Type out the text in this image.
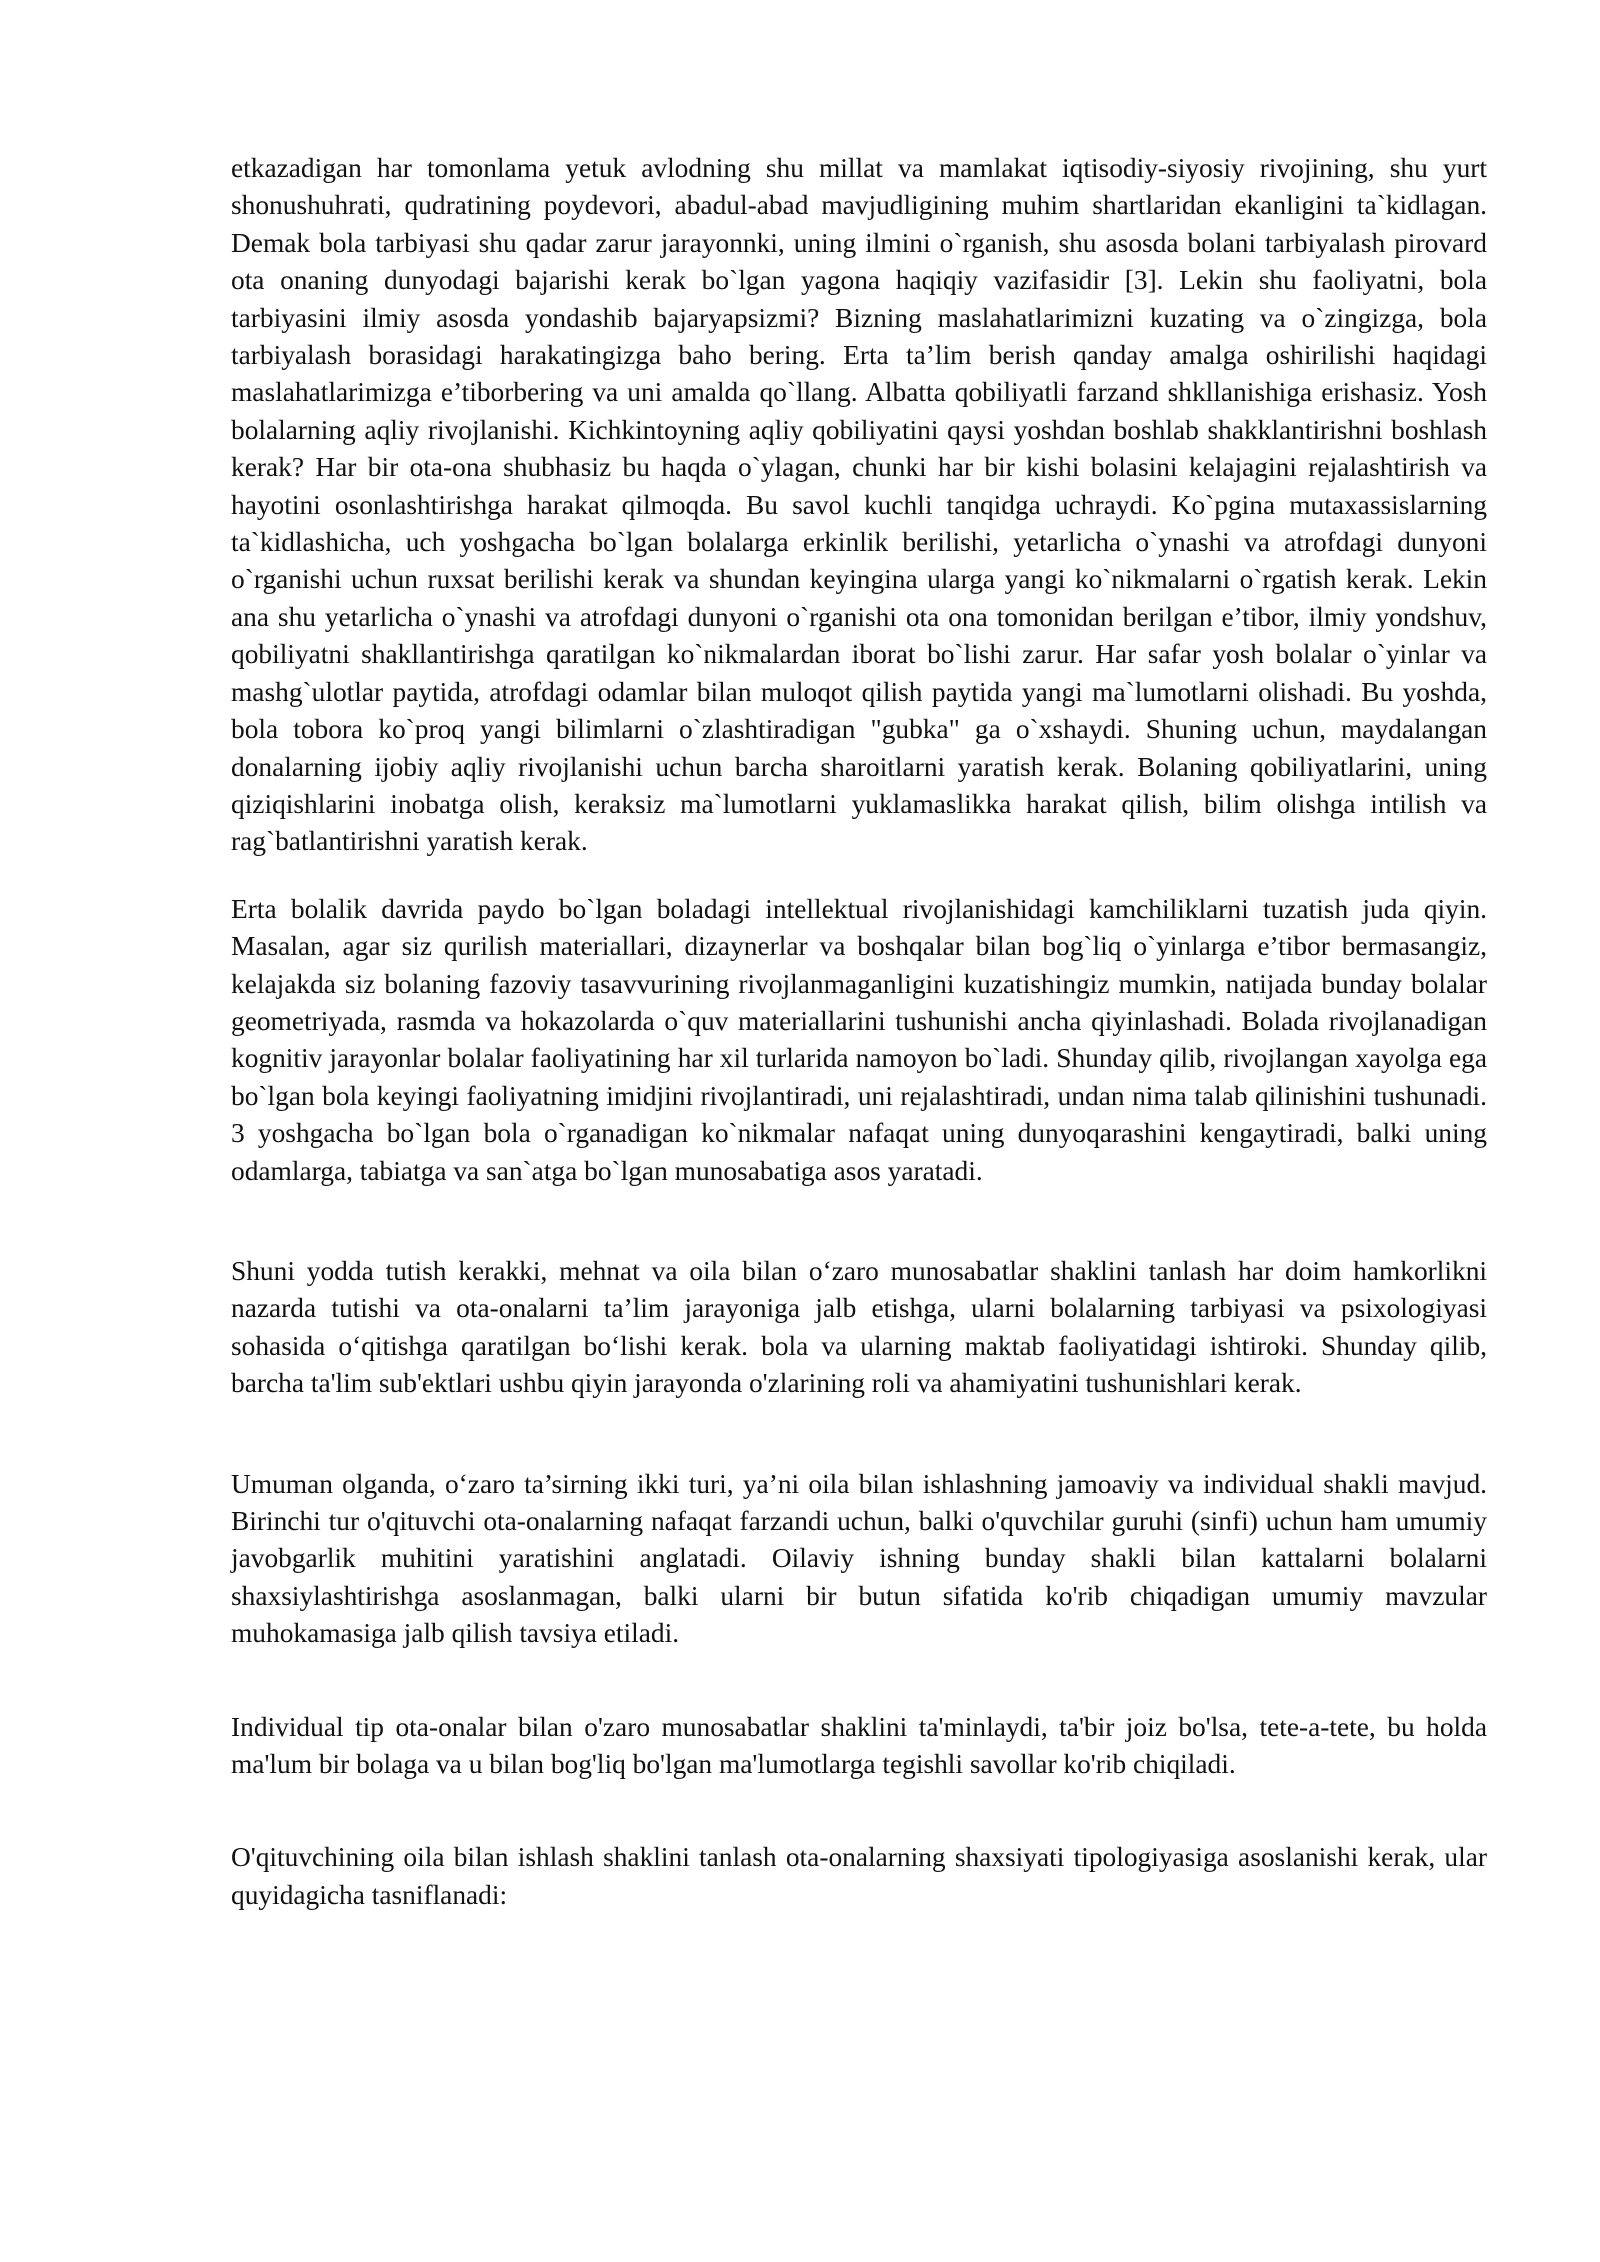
etkazadigan har tomonlama yetuk avlodning shu millat va mamlakat iqtisodiy-siyosiy rivojining, shu yurt shonushuhrati, qudratining poydevori, abadul-abad mavjudligining muhim shartlaridan ekanligini ta`kidlagan. Demak bola tarbiyasi shu qadar zarur jarayonnki, uning ilmini o`rganish, shu asosda bolani tarbiyalash pirovard ota onaning dunyodagi bajarishi kerak bo`lgan yagona haqiqiy vazifasidir [3]. Lekin shu faoliyatni, bola tarbiyasini ilmiy asosda yondashib bajaryapsizmi? Bizning maslahatlarimizni kuzating va o`zingizga, bola tarbiyalash borasidagi harakatingizga baho bering. Erta ta’lim berish qanday amalga oshirilishi haqidagi maslahatlarimizga e’tiborbering va uni amalda qo`llang. Albatta qobiliyatli farzand shkllanishiga erishasiz. Yosh bolalarning aqliy rivojlanishi. Kichkintoyning aqliy qobiliyatini qaysi yoshdan boshlab shakklantirishni boshlash kerak? Har bir ota-ona shubhasiz bu haqda o`ylagan, chunki har bir kishi bolasini kelajagini rejalashtirish va hayotini osonlashtirishga harakat qilmoqda. Bu savol kuchli tanqidga uchraydi. Ko`pgina mutaxassislarning ta`kidlashicha, uch yoshgacha bo`lgan bolalarga erkinlik berilishi, yetarlicha o`ynashi va atrofdagi dunyoni o`rganishi uchun ruxsat berilishi kerak va shundan keyingina ularga yangi ko`nikmalarni o`rgatish kerak. Lekin ana shu yetarlicha o`ynashi va atrofdagi dunyoni o`rganishi ota ona tomonidan berilgan e’tibor, ilmiy yondshuv, qobiliyatni shakllantirishga qaratilgan ko`nikmalardan iborat bo`lishi zarur. Har safar yosh bolalar o`yinlar va mashg`ulotlar paytida, atrofdagi odamlar bilan muloqot qilish paytida yangi ma`lumotlarni olishadi. Bu yoshda, bola tobora ko`proq yangi bilimlarni o`zlashtiradigan "gubka" ga o`xshaydi. Shuning uchun, maydalangan donalarning ijobiy aqliy rivojlanishi uchun barcha sharoitlarni yaratish kerak. Bolaning qobiliyatlarini, uning qiziqishlarini inobatga olish, keraksiz ma`lumotlarni yuklamaslikka harakat qilish, bilim olishga intilish va rag`batlantirishni yaratish kerak.

Erta bolalik davrida paydo bo`lgan boladagi intellektual rivojlanishidagi kamchiliklarni tuzatish juda qiyin. Masalan, agar siz qurilish materiallari, dizaynerlar va boshqalar bilan bog`liq o`yinlarga e’tibor bermasangiz, kelajakda siz bolaning fazoviy tasavvurining rivojlanmaganligini kuzatishingiz mumkin, natijada bunday bolalar geometriyada, rasmda va hokazolarda o`quv materiallarini tushunishi ancha qiyinlashadi. Bolada rivojlanadigan kognitiv jarayonlar bolalar faoliyatining har xil turlarida namoyon bo`ladi. Shunday qilib, rivojlangan xayolga ega bo`lgan bola keyingi faoliyatning imidjini rivojlantiradi, uni rejalashtiradi, undan nima talab qilinishini tushunadi. 3 yoshgacha bo`lgan bola o`rganadigan ko`nikmalar nafaqat uning dunyoqarashini kengaytiradi, balki uning odamlarga, tabiatga va san`atga bo`lgan munosabatiga asos yaratadi.

Shuni yodda tutish kerakki, mehnat va oila bilan o‘zaro munosabatlar shaklini tanlash har doim hamkorlikni nazarda tutishi va ota-onalarni ta’lim jarayoniga jalb etishga, ularni bolalarning tarbiyasi va psixologiyasi sohasida o‘qitishga qaratilgan bo‘lishi kerak. bola va ularning maktab faoliyatidagi ishtiroki. Shunday qilib, barcha ta'lim sub'ektlari ushbu qiyin jarayonda o'zlarining roli va ahamiyatini tushunishlari kerak.

Umuman olganda, o‘zaro ta’sirning ikki turi, ya’ni oila bilan ishlashning jamoaviy va individual shakli mavjud. Birinchi tur o'qituvchi ota-onalarning nafaqat farzandi uchun, balki o'quvchilar guruhi (sinfi) uchun ham umumiy javobgarlik muhitini yaratishini anglatadi. Oilaviy ishning bunday shakli bilan kattalarni bolalarni shaxsiylashtirishga asoslanmagan, balki ularni bir butun sifatida ko'rib chiqadigan umumiy mavzular muhokamasiga jalb qilish tavsiya etiladi.

Individual tip ota-onalar bilan o'zaro munosabatlar shaklini ta'minlaydi, ta'bir joiz bo'lsa, tete-a-tete, bu holda ma'lum bir bolaga va u bilan bog'liq bo'lgan ma'lumotlarga tegishli savollar ko'rib chiqiladi.

O'qituvchining oila bilan ishlash shaklini tanlash ota-onalarning shaxsiyati tipologiyasiga asoslanishi kerak, ular quyidagicha tasniflanadi:
